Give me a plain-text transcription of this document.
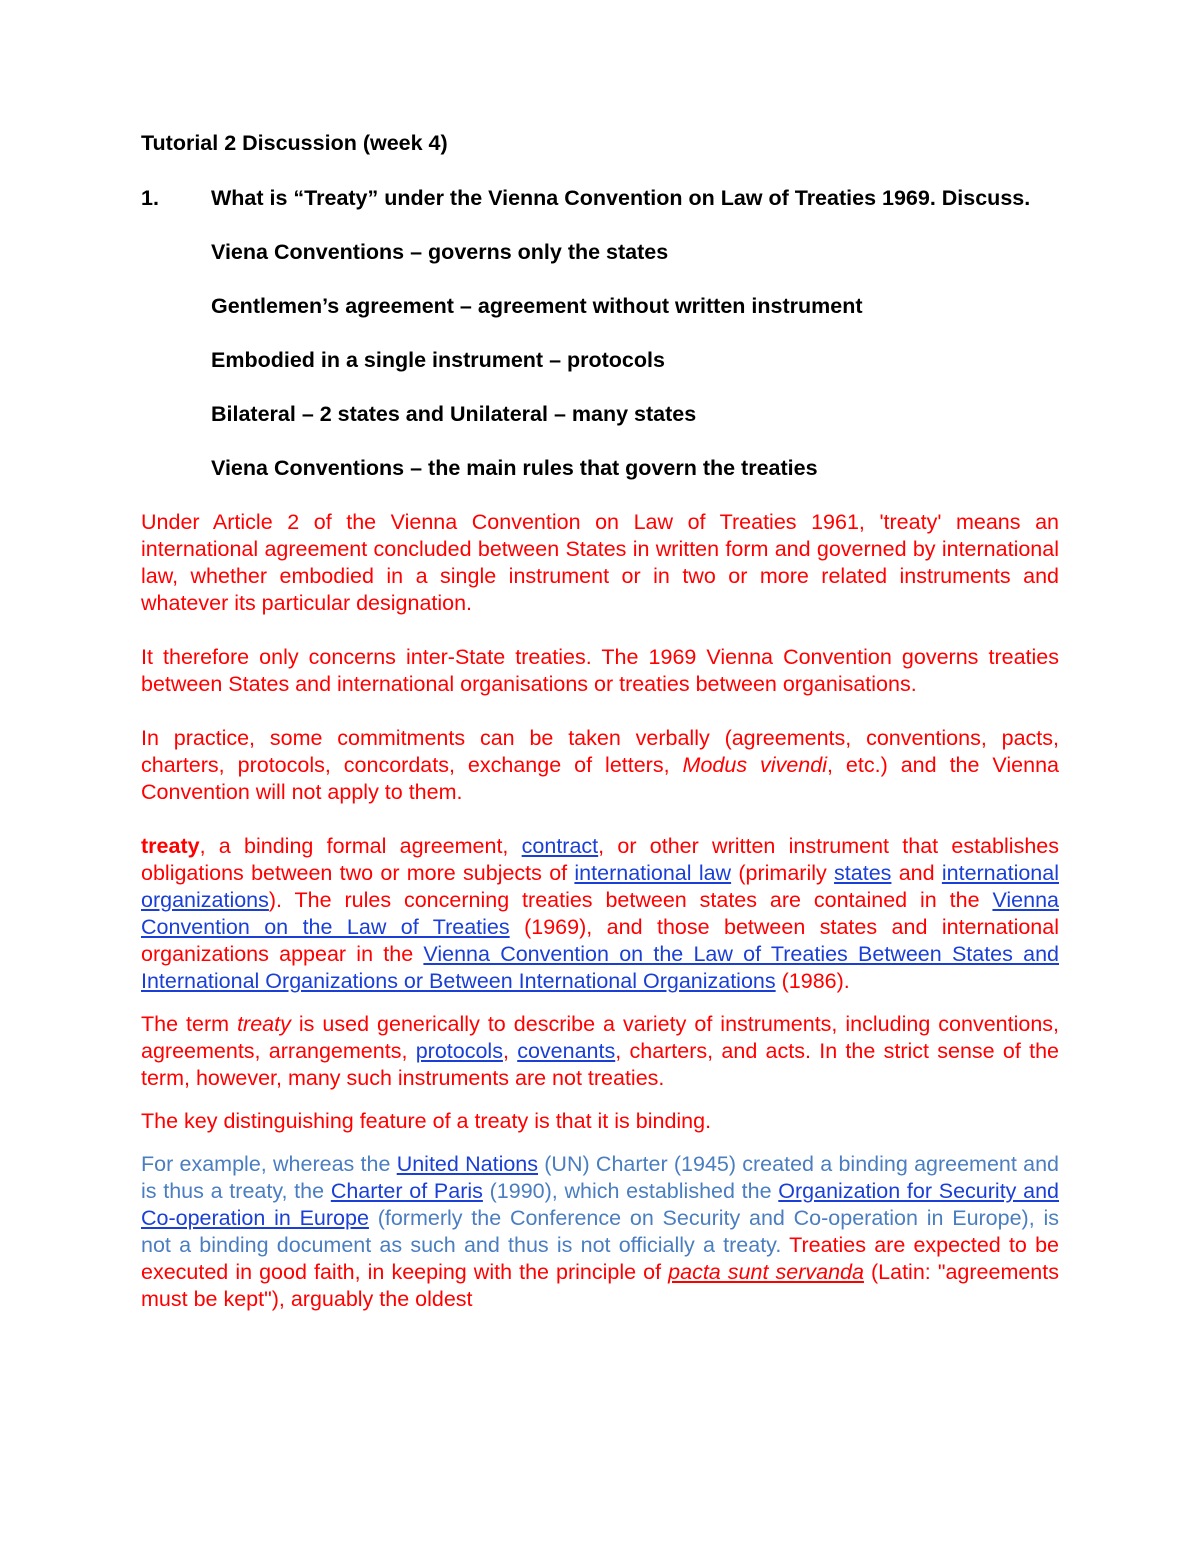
Tutorial 2 Discussion (week 4)
1.	What is “Treaty” under the Vienna Convention on Law of Treaties 1969. Discuss.
Viena Conventions – governs only the states
Gentlemen’s agreement – agreement without written instrument
Embodied in a single instrument – protocols
Bilateral – 2 states and Unilateral – many states
Viena Conventions – the main rules that govern the treaties
Under Article 2 of the Vienna Convention on Law of Treaties 1961, 'treaty' means an international agreement concluded between States in written form and governed by international law, whether embodied in a single instrument or in two or more related instruments and whatever its particular designation.
It therefore only concerns inter-State treaties. The 1969 Vienna Convention governs treaties between States and international organisations or treaties between organisations.
In practice, some commitments can be taken verbally (agreements, conventions, pacts, charters, protocols, concordats, exchange of letters, Modus vivendi, etc.) and the Vienna Convention will not apply to them.
treaty, a binding formal agreement, contract, or other written instrument that establishes obligations between two or more subjects of international law (primarily states and international organizations). The rules concerning treaties between states are contained in the Vienna Convention on the Law of Treaties (1969), and those between states and international organizations appear in the Vienna Convention on the Law of Treaties Between States and International Organizations or Between International Organizations (1986).
The term treaty is used generically to describe a variety of instruments, including conventions, agreements, arrangements, protocols, covenants, charters, and acts. In the strict sense of the term, however, many such instruments are not treaties.
The key distinguishing feature of a treaty is that it is binding.
For example, whereas the United Nations (UN) Charter (1945) created a binding agreement and is thus a treaty, the Charter of Paris (1990), which established the Organization for Security and Co-operation in Europe (formerly the Conference on Security and Co-operation in Europe), is not a binding document as such and thus is not officially a treaty. Treaties are expected to be executed in good faith, in keeping with the principle of pacta sunt servanda (Latin: "agreements must be kept"), arguably the oldest
